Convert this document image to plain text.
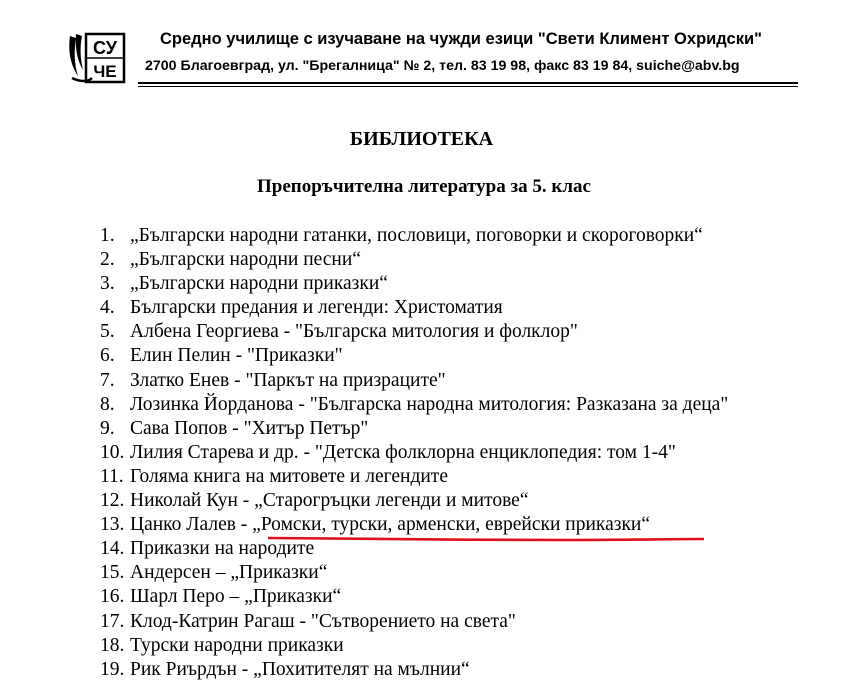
СУ
ЧЕ
Средно училище с изучаване на чужди езици "Свети Климент Охридски"
2700 Благоевград, ул. "Брегалница" № 2, тел. 83 19 98, факс 83 19 84, suiche@abv.bg
БИБЛИОТЕКА
Препоръчителна литература за 5. клас
1. „Български народни гатанки, пословици, поговорки и скороговорки“
2. „Български народни песни“
3. „Български народни приказки“
4. Български предания и легенди: Христоматия
5. Албена Георгиева - "Българска митология и фолклор"
6. Елин Пелин - "Приказки"
7. Златко Енев - "Паркът на призраците"
8. Лозинка Йорданова - "Българска народна митология: Разказана за деца"
9. Сава Попов - "Хитър Петър"
10. Лилия Старева и др. - "Детска фолклорна енциклопедия: том 1-4"
11. Голяма книга на митовете и легендите
12. Николай Кун - „Старогръцки легенди и митове“
13. Цанко Лалев - „Ромски, турски, арменски, еврейски приказки“
14. Приказки на народите
15. Андерсен – „Приказки“
16. Шарл Перо – „Приказки“
17. Клод-Катрин Рагаш - "Сътворението на света"
18. Турски народни приказки
19. Рик Риърдън - „Похитителят на мълнии“
